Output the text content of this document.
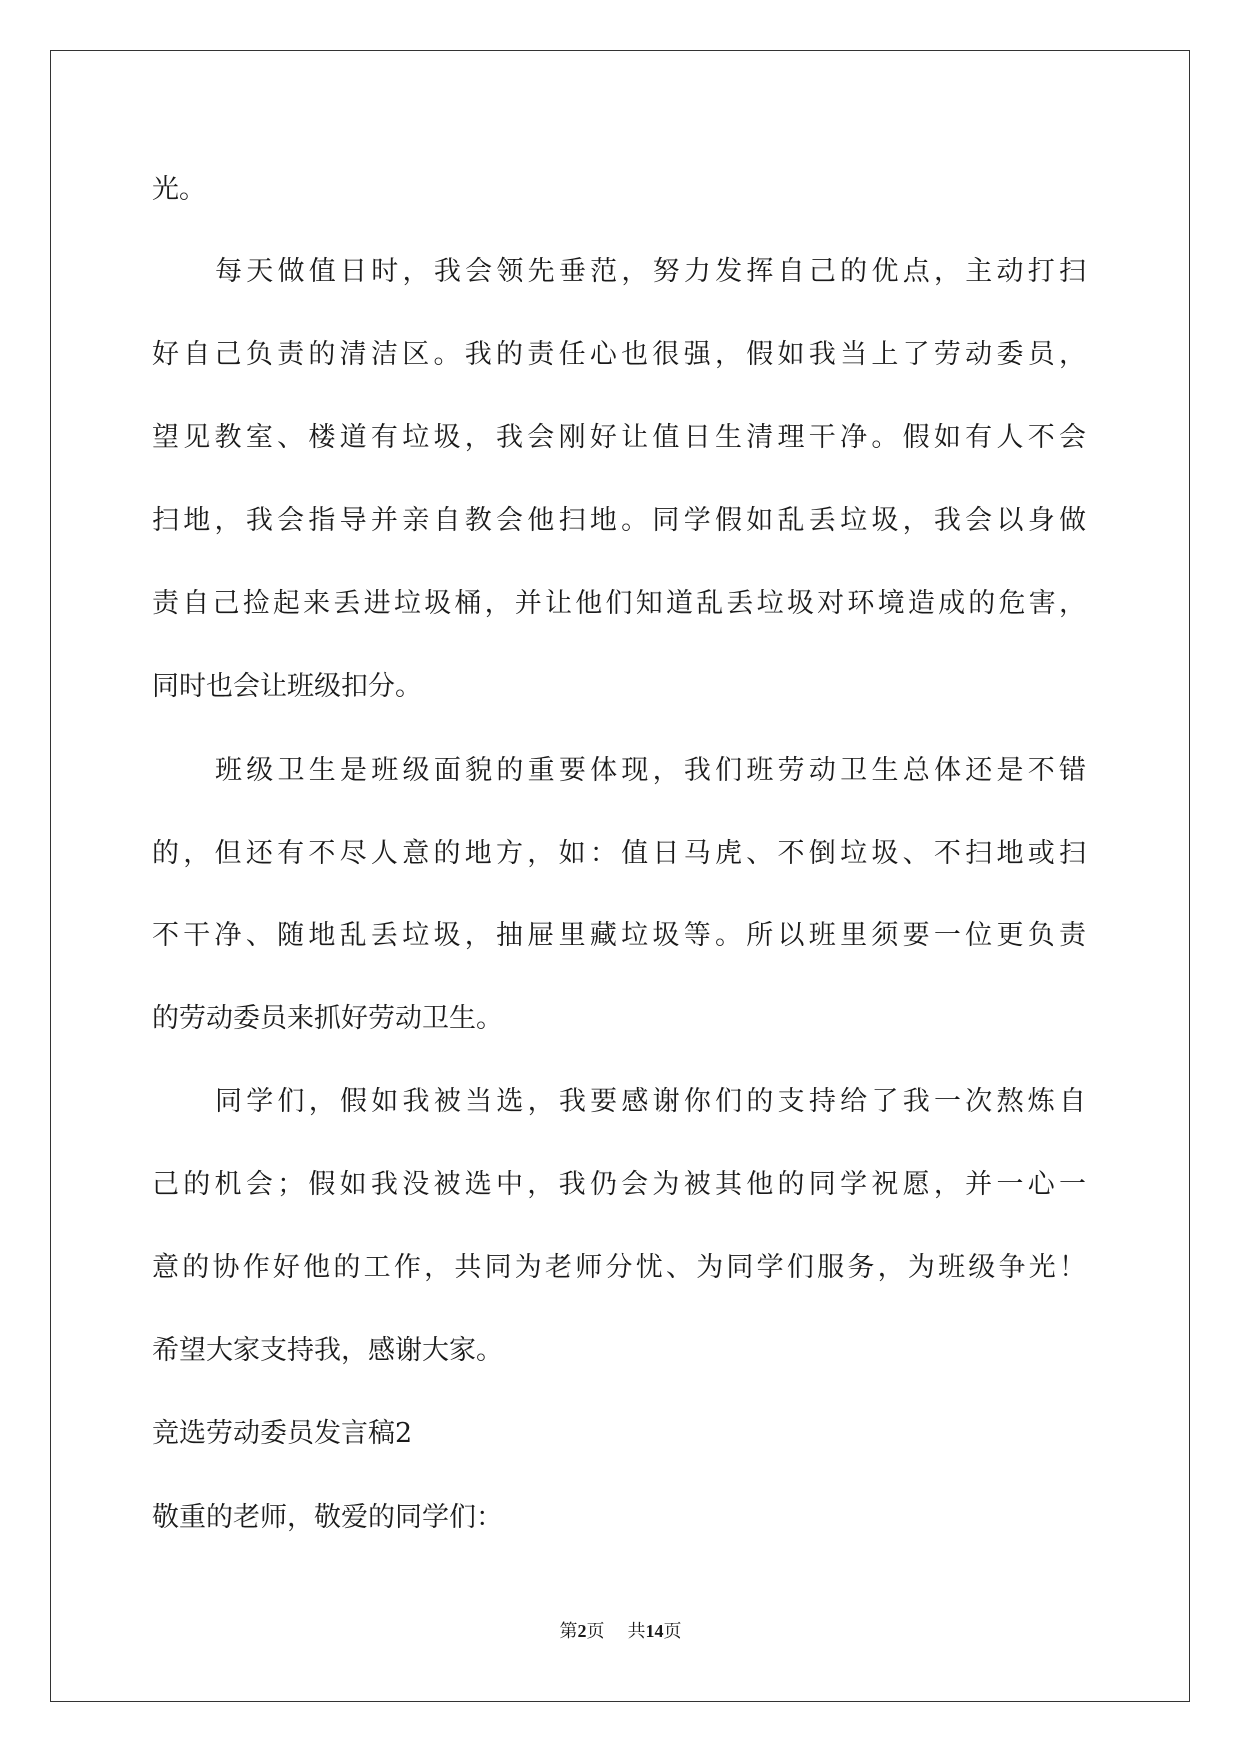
光。
每天做值日时，我会领先垂范，努力发挥自己的优点，主动打扫
好自己负责的清洁区。我的责任心也很强，假如我当上了劳动委员，
望见教室、楼道有垃圾，我会刚好让值日生清理干净。假如有人不会
扫地，我会指导并亲自教会他扫地。同学假如乱丢垃圾，我会以身做
责自己捡起来丢进垃圾桶，并让他们知道乱丢垃圾对环境造成的危害，
同时也会让班级扣分。
班级卫生是班级面貌的重要体现，我们班劳动卫生总体还是不错
的，但还有不尽人意的地方，如：值日马虎、不倒垃圾、不扫地或扫
不干净、随地乱丢垃圾，抽屉里藏垃圾等。所以班里须要一位更负责
的劳动委员来抓好劳动卫生。
同学们，假如我被当选，我要感谢你们的支持给了我一次熬炼自
己的机会；假如我没被选中，我仍会为被其他的同学祝愿，并一心一
意的协作好他的工作，共同为老师分忧、为同学们服务，为班级争光！
希望大家支持我，感谢大家。
竞选劳动委员发言稿2
敬重的老师，敬爱的同学们：
第2页 共14页
